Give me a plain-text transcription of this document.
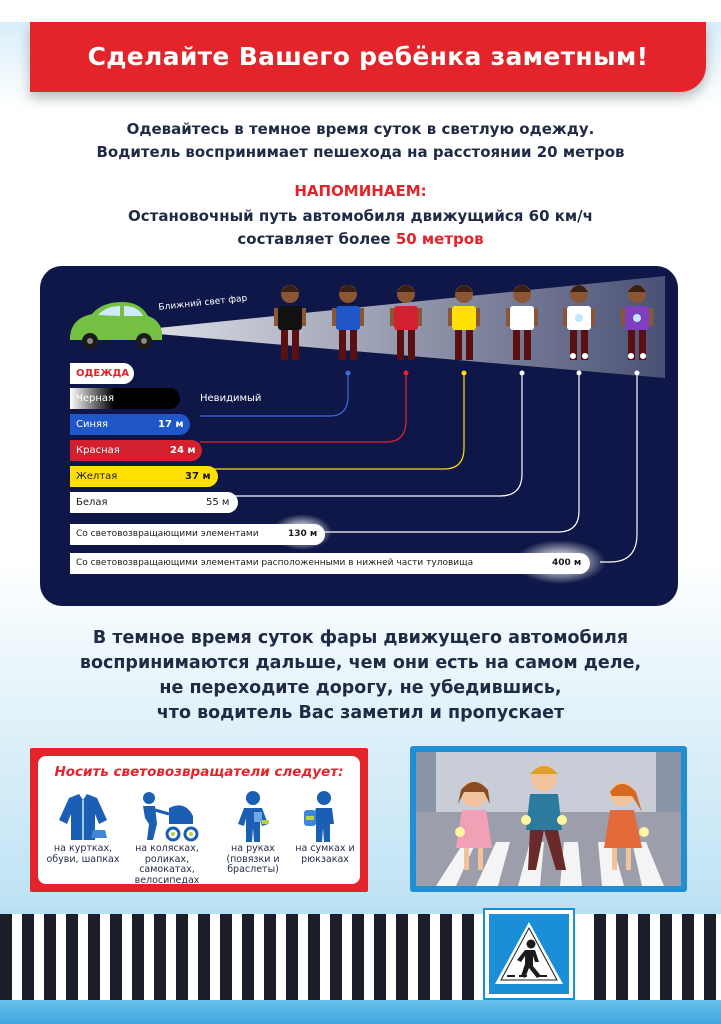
Сделайте Вашего ребёнка заметным!
Одевайтесь в темное время суток в светлую одежду.
Водитель воспринимает пешехода на расстоянии 20 метров
НАПОМИНАЕМ:
Остановочный путь автомобиля движущийся 60 км/ч
составляет более 50 метров
ОДЕЖДА
Ближний свет фар
Черная	Невидимый
Синяя	17 м
Красная	24 м
Желтая	37 м
Белая	55 м
Со световозвращающими элементами	130 м
Со световозвращающими элементами расположенными в нижней части туловища	400 м
В темное время суток фары движущего автомобиля
воспринимаются дальше, чем они есть на самом деле,
не переходите дорогу, не убедившись,
что водитель Вас заметил и пропускает
Носить световозвращатели следует:
на куртках, обуви, шапках
на колясках, роликах, самокатах, велосипедах
на руках (повязки и браслеты)
на сумках и рюкзаках
